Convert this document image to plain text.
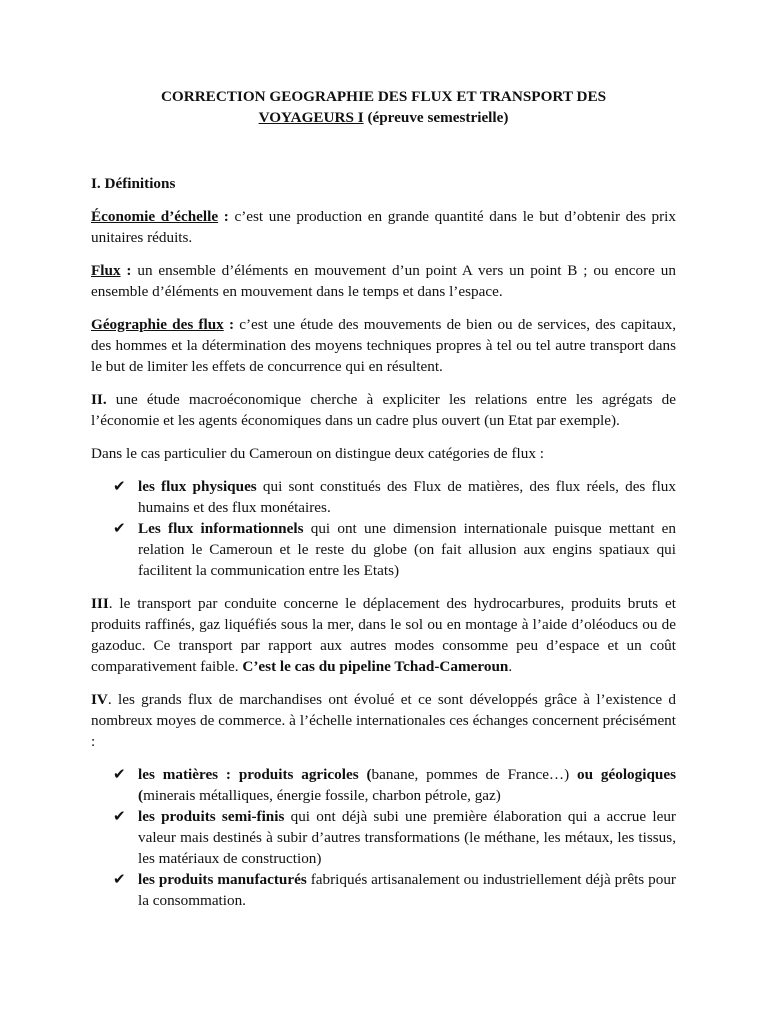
CORRECTION GEOGRAPHIE DES FLUX ET TRANSPORT DES
VOYAGEURS I (épreuve semestrielle)
I. Définitions

Économie d’échelle : c’est une production en grande quantité dans le but d’obtenir des prix unitaires réduits.

Flux : un ensemble d’éléments en mouvement d’un point A vers un point B ; ou encore un ensemble d’éléments en mouvement dans le temps et dans l’espace.

Géographie des flux : c’est une étude des mouvements de bien ou de services, des capitaux, des hommes et la détermination des moyens techniques propres à tel ou tel autre transport dans le but de limiter les effets de concurrence qui en résultent.

II. une étude macroéconomique cherche à expliciter les relations entre les agrégats de l’économie et les agents économiques dans un cadre plus ouvert (un Etat par exemple).

Dans le cas particulier du Cameroun on distingue deux catégories de flux :

✔ les flux physiques qui sont constitués des Flux de matières, des flux réels, des flux humains et des flux monétaires.
✔ Les flux informationnels qui ont une dimension internationale puisque mettant en relation le Cameroun et le reste du globe (on fait allusion aux engins spatiaux qui facilitent la communication entre les Etats)

III. le transport par conduite concerne le déplacement des hydrocarbures, produits bruts et produits raffinés, gaz liquéfiés sous la mer, dans le sol ou en montage à l’aide d’oléoducs ou de gazoduc. Ce transport par rapport aux autres modes consomme peu d’espace et un coût comparativement faible. C’est le cas du pipeline Tchad-Cameroun.

IV. les grands flux de marchandises ont évolué et ce sont développés grâce à l’existence d nombreux moyes de commerce. à l’échelle internationales ces échanges concernent précisément :

✔ les matières : produits agricoles (banane, pommes de France…) ou géologiques (minerais métalliques, énergie fossile, charbon pétrole, gaz)
✔ les produits semi-finis qui ont déjà subi une première élaboration qui a accrue leur valeur mais destinés à subir d’autres transformations (le méthane, les métaux, les tissus, les matériaux de construction)
✔ les produits manufacturés fabriqués artisanalement ou industriellement déjà prêts pour la consommation.
